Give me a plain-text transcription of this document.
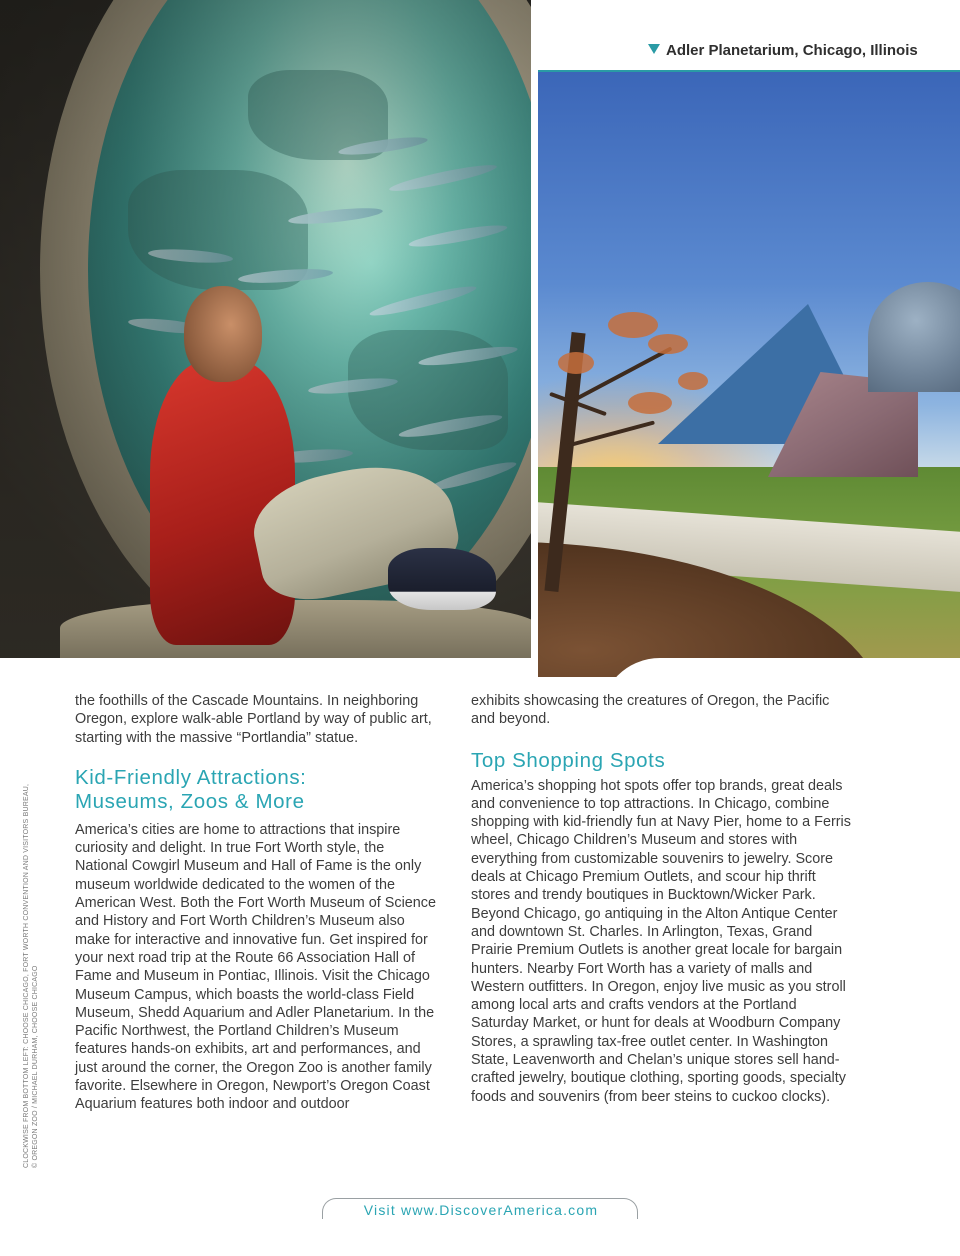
Adler Planetarium, Chicago, Illinois
CLOCKWISE FROM BOTTOM LEFT: CHOOSE CHICAGO, FORT WORTH CONVENTION AND VISITORS BUREAU, © OREGON ZOO / MICHAEL DURHAM, CHOOSE CHICAGO

the foothills of the Cascade Mountains. In neighboring Oregon, explore walk-able Portland by way of public art, starting with the massive “Portlandia” statue.

Kid-Friendly Attractions:
Museums, Zoos & More

America’s cities are home to attractions that inspire curiosity and delight. In true Fort Worth style, the National Cowgirl Museum and Hall of Fame is the only museum worldwide dedicated to the women of the American West. Both the Fort Worth Museum of Science and History and Fort Worth Children’s Museum also make for interactive and innovative fun. Get inspired for your next road trip at the Route 66 Association Hall of Fame and Museum in Pontiac, Illinois. Visit the Chicago Museum Campus, which boasts the world-class Field Museum, Shedd Aquarium and Adler Planetarium. In the Pacific Northwest, the Portland Children’s Museum features hands-on exhibits, art and performances, and just around the corner, the Oregon Zoo is another family favorite. Elsewhere in Oregon, Newport’s Oregon Coast Aquarium features both indoor and outdoor

exhibits showcasing the creatures of Oregon, the Pacific and beyond.

Top Shopping Spots

America’s shopping hot spots offer top brands, great deals and convenience to top attractions. In Chicago, combine shopping with kid-friendly fun at Navy Pier, home to a Ferris wheel, Chicago Children’s Museum and stores with everything from customizable souvenirs to jewelry. Score deals at Chicago Premium Outlets, and scour hip thrift stores and trendy boutiques in Bucktown/Wicker Park. Beyond Chicago, go antiquing in the Alton Antique Center and downtown St. Charles. In Arlington, Texas, Grand Prairie Premium Outlets is another great locale for bargain hunters. Nearby Fort Worth has a variety of malls and Western outfitters. In Oregon, enjoy live music as you stroll among local arts and crafts vendors at the Portland Saturday Market, or hunt for deals at Woodburn Company Stores, a sprawling tax-free outlet center. In Washington State, Leavenworth and Chelan’s unique stores sell hand-crafted jewelry, boutique clothing, sporting goods, specialty foods and souvenirs (from beer steins to cuckoo clocks).

Visit www.DiscoverAmerica.com
